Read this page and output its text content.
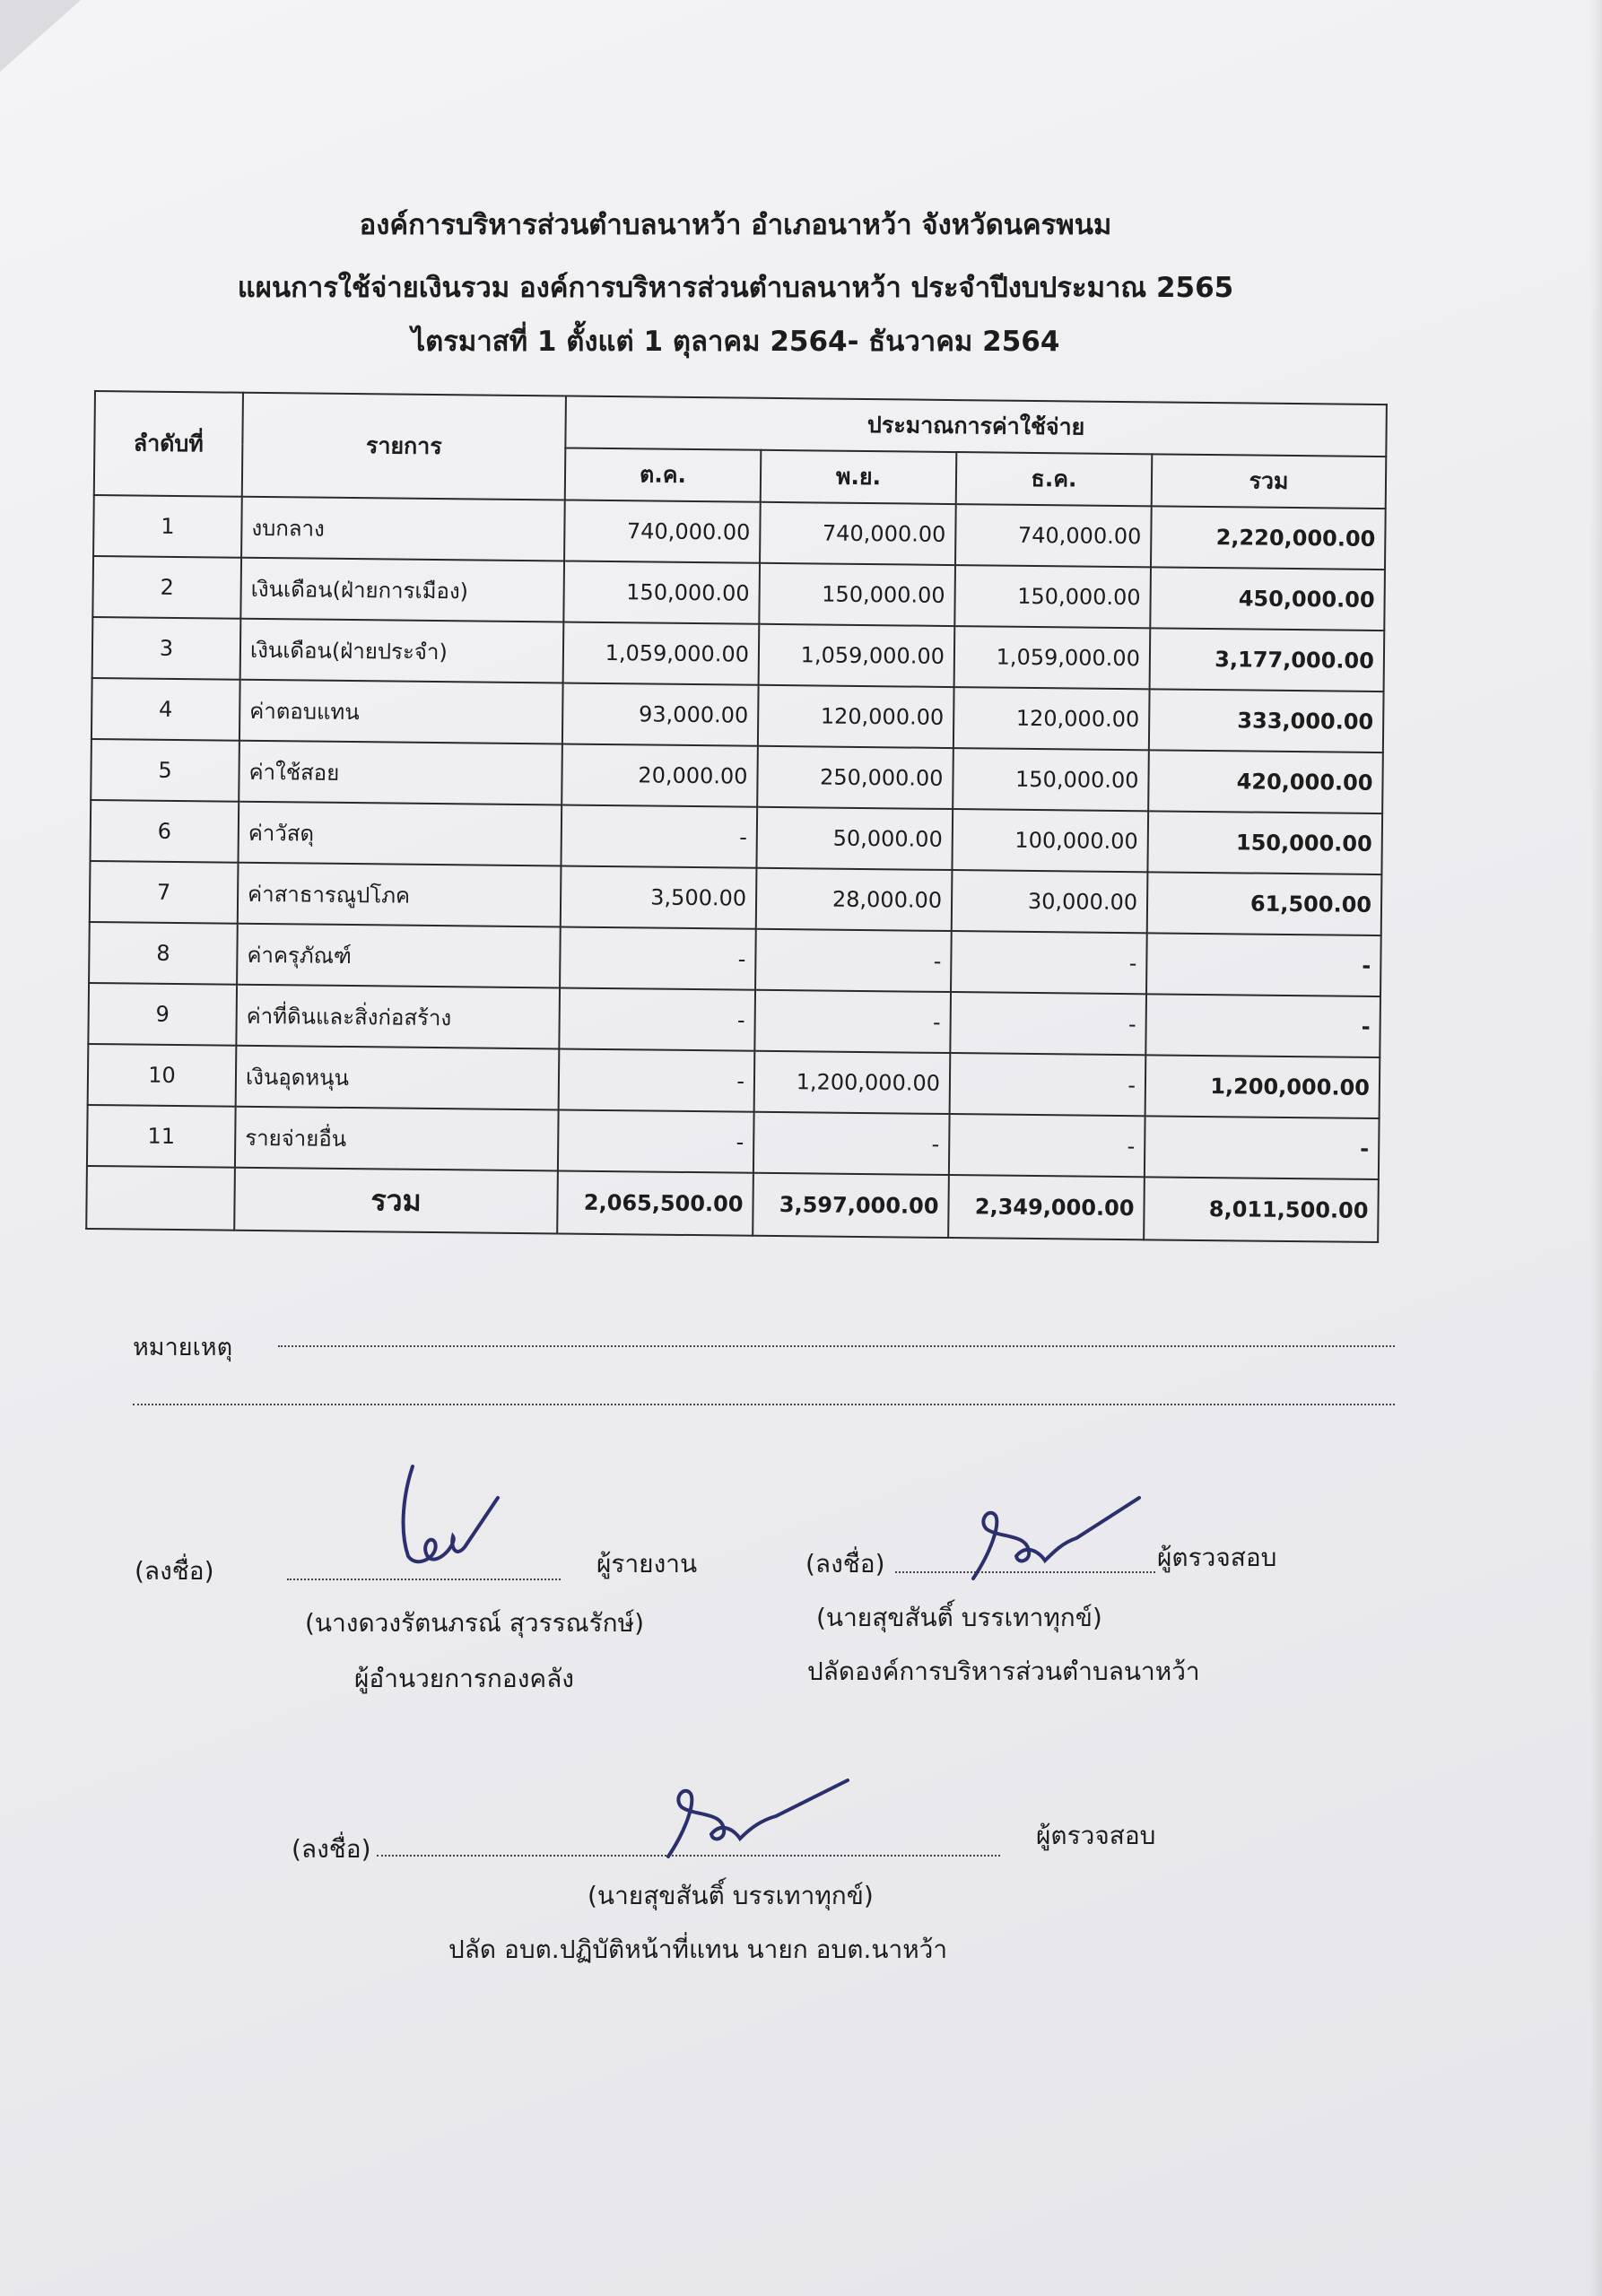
องค์การบริหารส่วนตำบลนาหว้า อำเภอนาหว้า จังหวัดนครพนม
แผนการใช้จ่ายเงินรวม องค์การบริหารส่วนตำบลนาหว้า ประจำปีงบประมาณ 2565
ไตรมาสที่ 1 ตั้งแต่ 1 ตุลาคม 2564- ธันวาคม 2564
ลำดับที่	รายการ	ประมาณการค่าใช้จ่าย			
		ต.ค.	พ.ย.	ธ.ค.	รวม
1	งบกลาง	740,000.00	740,000.00	740,000.00	2,220,000.00
2	เงินเดือน(ฝ่ายการเมือง)	150,000.00	150,000.00	150,000.00	450,000.00
3	เงินเดือน(ฝ่ายประจำ)	1,059,000.00	1,059,000.00	1,059,000.00	3,177,000.00
4	ค่าตอบแทน	93,000.00	120,000.00	120,000.00	333,000.00
5	ค่าใช้สอย	20,000.00	250,000.00	150,000.00	420,000.00
6	ค่าวัสดุ	-	50,000.00	100,000.00	150,000.00
7	ค่าสาธารณูปโภค	3,500.00	28,000.00	30,000.00	61,500.00
8	ค่าครุภัณฑ์	-	-	-	-
9	ค่าที่ดินและสิ่งก่อสร้าง	-	-	-	-
10	เงินอุดหนุน	-	1,200,000.00	-	1,200,000.00
11	รายจ่ายอื่น	-	-	-	-
	รวม	2,065,500.00	3,597,000.00	2,349,000.00	8,011,500.00
หมายเหตุ
(ลงชื่อ)	ผู้รายงาน
(นางดวงรัตนภรณ์ สุวรรณรักษ์)
ผู้อำนวยการกองคลัง
(ลงชื่อ)	ผู้ตรวจสอบ
(นายสุขสันติ์ บรรเทาทุกข์)
ปลัดองค์การบริหารส่วนตำบลนาหว้า
(ลงชื่อ)	ผู้ตรวจสอบ
(นายสุขสันติ์ บรรเทาทุกข์)
ปลัด อบต.ปฏิบัติหน้าที่แทน นายก อบต.นาหว้า
